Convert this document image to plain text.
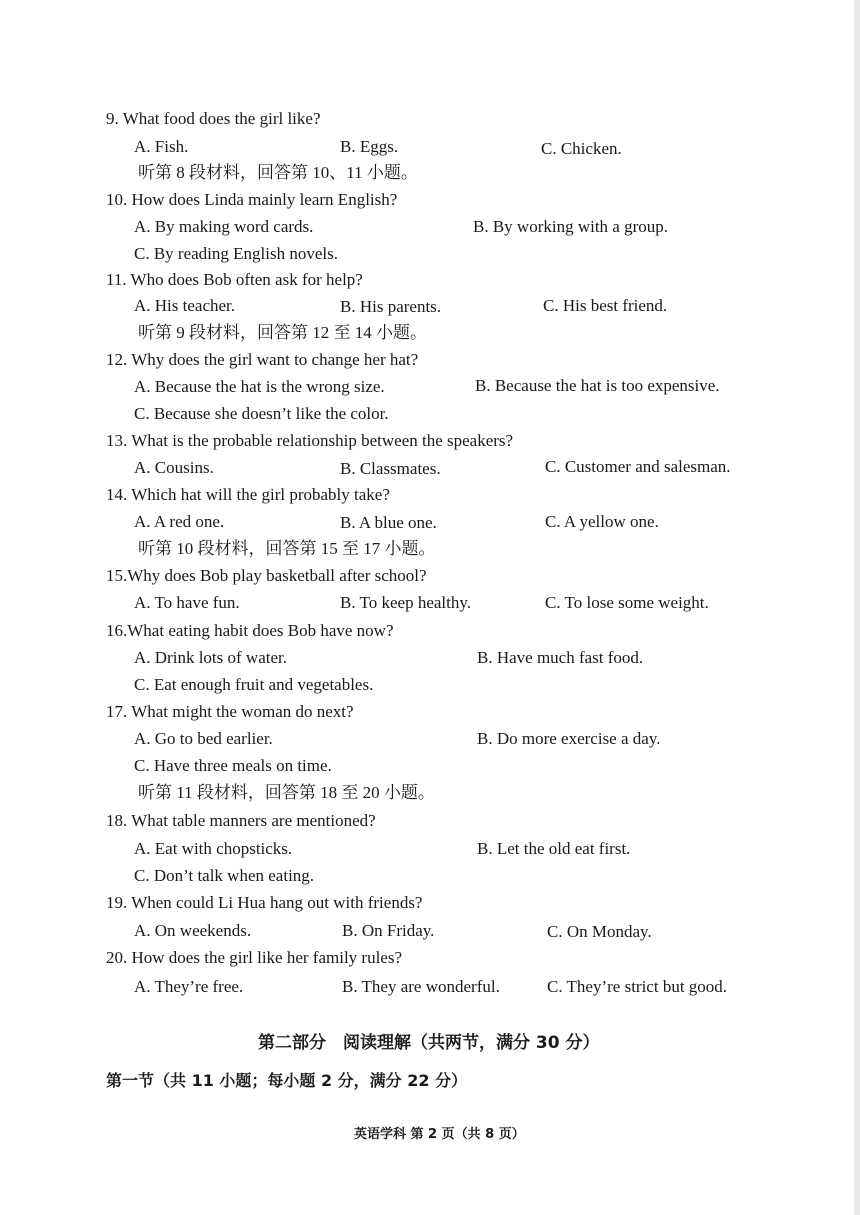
9. What food does the girl like?
A. Fish.	B. Eggs.	C. Chicken.
听第 8 段材料，回答第 10、11 小题。
10. How does Linda mainly learn English?
A. By making word cards.	B. By working with a group.
C. By reading English novels.
11. Who does Bob often ask for help?
A. His teacher.	B. His parents.	C. His best friend.
听第 9 段材料，回答第 12 至 14 小题。
12. Why does the girl want to change her hat?
A. Because the hat is the wrong size.	B. Because the hat is too expensive.
C. Because she doesn’t like the color.
13. What is the probable relationship between the speakers?
A. Cousins.	B. Classmates.	C. Customer and salesman.
14. Which hat will the girl probably take?
A. A red one.	B. A blue one.	C. A yellow one.
听第 10 段材料，回答第 15 至 17 小题。
15.Why does Bob play basketball after school?
A. To have fun.	B. To keep healthy.	C. To lose some weight.
16.What eating habit does Bob have now?
A. Drink lots of water.	B. Have much fast food.
C. Eat enough fruit and vegetables.
17. What might the woman do next?
A. Go to bed earlier.	B. Do more exercise a day.
C. Have three meals on time.
听第 11 段材料，回答第 18 至 20 小题。
18. What table manners are mentioned?
A. Eat with chopsticks.	B. Let the old eat first.
C. Don’t talk when eating.
19. When could Li Hua hang out with friends?
A. On weekends.	B. On Friday.	C. On Monday.
20. How does the girl like her family rules?
A. They’re free.	B. They are wonderful.	C. They’re strict but good.
第二部分　阅读理解（共两节，满分 30 分）
第一节（共 11 小题；每小题 2 分，满分 22 分）
英语学科 第 2 页（共 8 页）
